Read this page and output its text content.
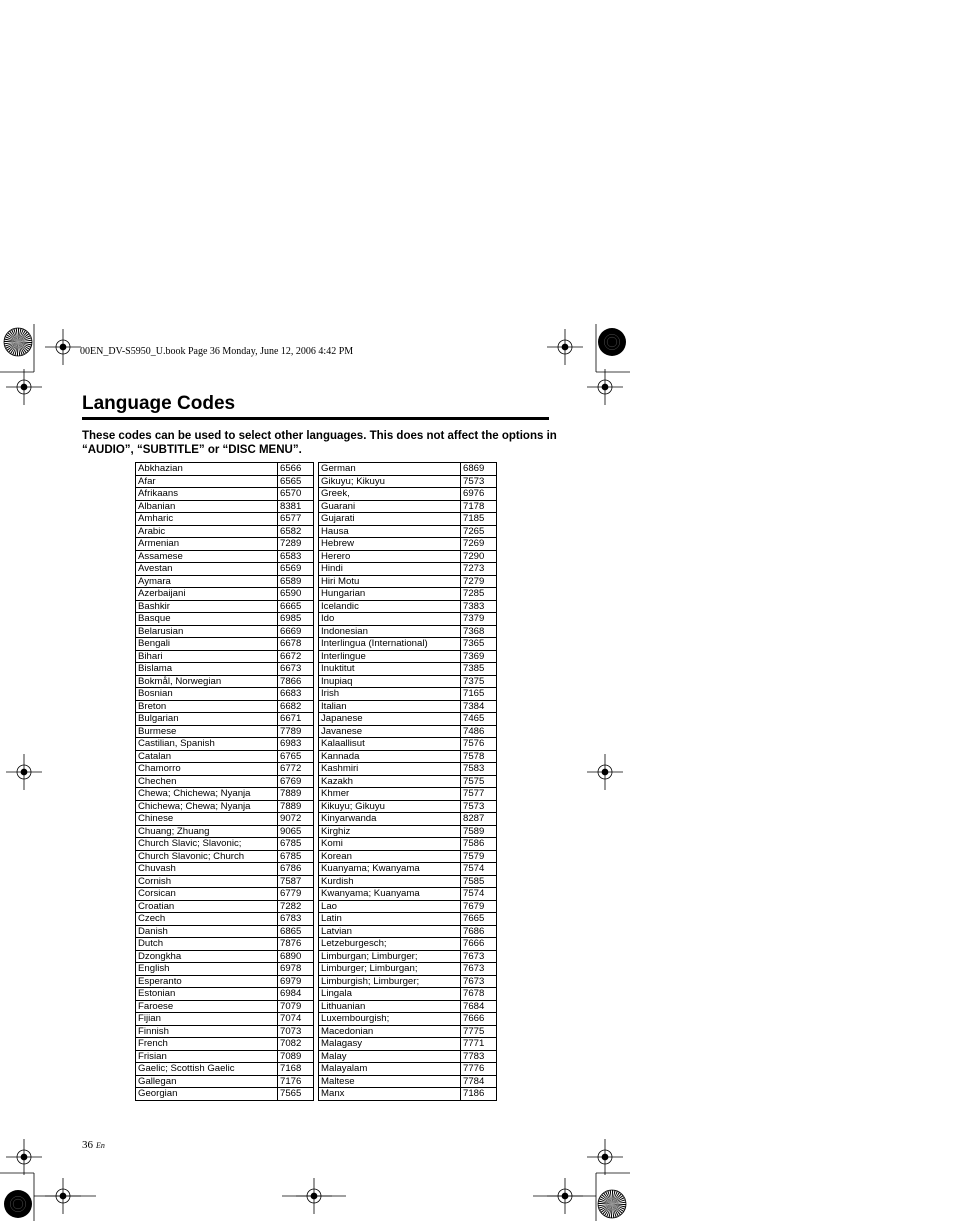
00EN_DV-S5950_U.book Page 36 Monday, June 12, 2006 4:42 PM
Language Codes
These codes can be used to select other languages. This does not affect the options in “AUDIO”, “SUBTITLE” or “DISC MENU”.
Abkhazian	6566
Afar	6565
Afrikaans	6570
Albanian	8381
Amharic	6577
Arabic	6582
Armenian	7289
Assamese	6583
Avestan	6569
Aymara	6589
Azerbaijani	6590
Bashkir	6665
Basque	6985
Belarusian	6669
Bengali	6678
Bihari	6672
Bislama	6673
Bokmål, Norwegian	7866
Bosnian	6683
Breton	6682
Bulgarian	6671
Burmese	7789
Castilian, Spanish	6983
Catalan	6765
Chamorro	6772
Chechen	6769
Chewa; Chichewa; Nyanja	7889
Chichewa; Chewa; Nyanja	7889
Chinese	9072
Chuang; Zhuang	9065
Church Slavic; Slavonic;	6785
Church Slavonic; Church	6785
Chuvash	6786
Cornish	7587
Corsican	6779
Croatian	7282
Czech	6783
Danish	6865
Dutch	7876
Dzongkha	6890
English	6978
Esperanto	6979
Estonian	6984
Faroese	7079
Fijian	7074
Finnish	7073
French	7082
Frisian	7089
Gaelic; Scottish Gaelic	7168
Gallegan	7176
Georgian	7565
German	6869
Gikuyu; Kikuyu	7573
Greek,	6976
Guarani	7178
Gujarati	7185
Hausa	7265
Hebrew	7269
Herero	7290
Hindi	7273
Hiri Motu	7279
Hungarian	7285
Icelandic	7383
Ido	7379
Indonesian	7368
Interlingua (International)	7365
Interlingue	7369
Inuktitut	7385
Inupiaq	7375
Irish	7165
Italian	7384
Japanese	7465
Javanese	7486
Kalaallisut	7576
Kannada	7578
Kashmiri	7583
Kazakh	7575
Khmer	7577
Kikuyu; Gikuyu	7573
Kinyarwanda	8287
Kirghiz	7589
Komi	7586
Korean	7579
Kuanyama; Kwanyama	7574
Kurdish	7585
Kwanyama; Kuanyama	7574
Lao	7679
Latin	7665
Latvian	7686
Letzeburgesch;	7666
Limburgan; Limburger;	7673
Limburger; Limburgan;	7673
Limburgish; Limburger;	7673
Lingala	7678
Lithuanian	7684
Luxembourgish;	7666
Macedonian	7775
Malagasy	7771
Malay	7783
Malayalam	7776
Maltese	7784
Manx	7186
36 En
